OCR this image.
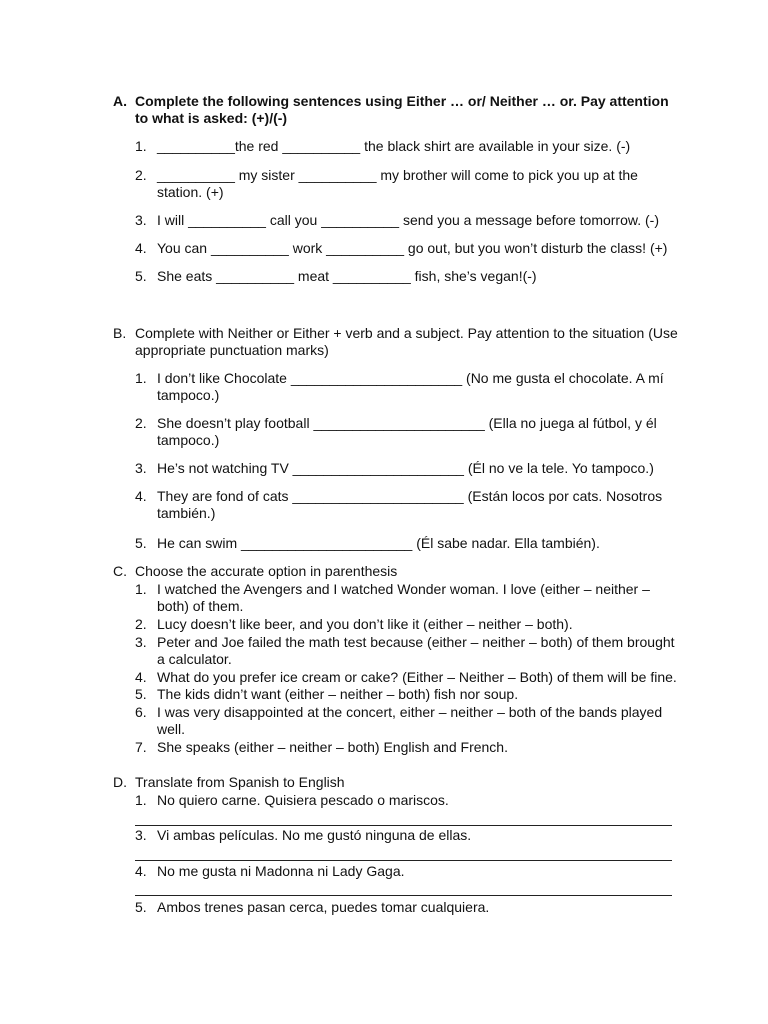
A. Complete the following sentences using Either … or/ Neither … or. Pay attention
to what is asked: (+)/(-)
1. __________the red __________ the black shirt are available in your size. (-)
2. __________ my sister __________ my brother will come to pick you up at the
station. (+)
3. I will __________ call you __________ send you a message before tomorrow. (-)
4. You can __________ work __________ go out, but you won’t disturb the class! (+)
5. She eats __________ meat __________ fish, she’s vegan!(-)
B. Complete with Neither or Either + verb and a subject. Pay attention to the situation (Use
appropriate punctuation marks)
1. I don’t like Chocolate ______________________ (No me gusta el chocolate. A mí
tampoco.)
2. She doesn’t play football ______________________ (Ella no juega al fútbol, y él
tampoco.)
3. He’s not watching TV ______________________ (Él no ve la tele. Yo tampoco.)
4. They are fond of cats ______________________ (Están locos por cats. Nosotros
también.)
5. He can swim ______________________ (Él sabe nadar. Ella también).
C. Choose the accurate option in parenthesis
1. I watched the Avengers and I watched Wonder woman. I love (either – neither –
both) of them.
2. Lucy doesn’t like beer, and you don’t like it (either – neither – both).
3. Peter and Joe failed the math test because (either – neither – both) of them brought
a calculator.
4. What do you prefer ice cream or cake? (Either – Neither – Both) of them will be fine.
5. The kids didn’t want (either – neither – both) fish nor soup.
6. I was very disappointed at the concert, either – neither – both of the bands played
well.
7. She speaks (either – neither – both) English and French.
D. Translate from Spanish to English
1. No quiero carne. Quisiera pescado o mariscos.
3. Vi ambas películas. No me gustó ninguna de ellas.
4. No me gusta ni Madonna ni Lady Gaga.
5. Ambos trenes pasan cerca, puedes tomar cualquiera.
